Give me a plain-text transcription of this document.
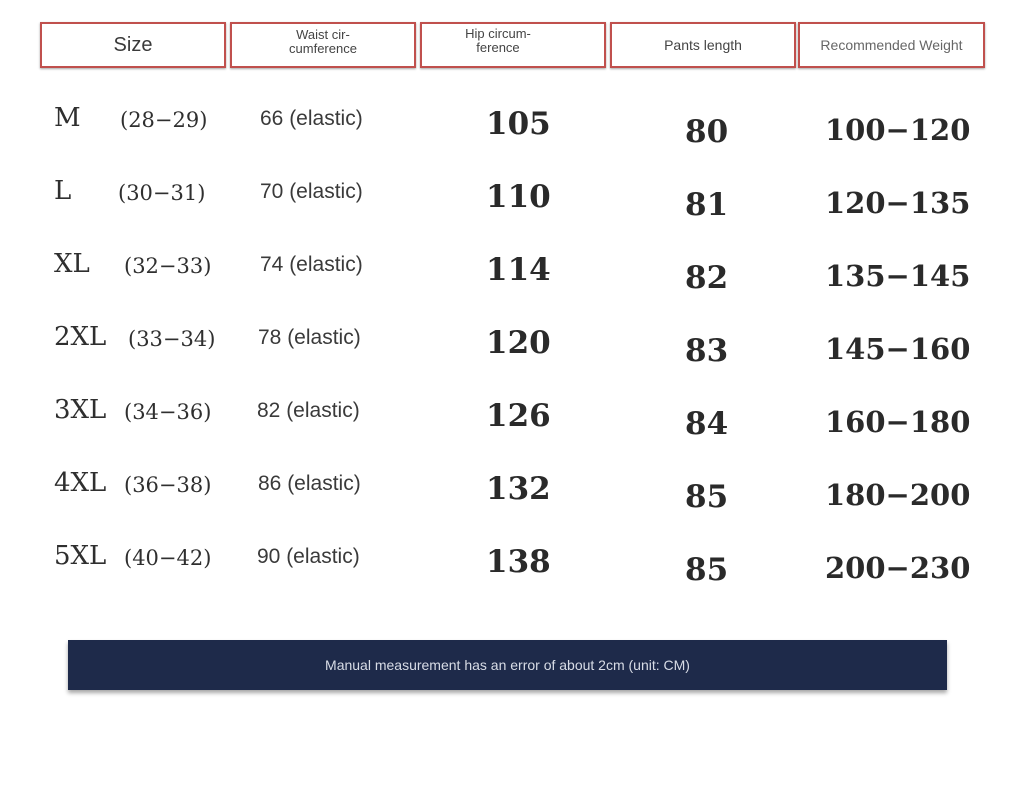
Size	Waist cir-
cumference
Hip circum-
ference	Pants length	Recommended Weight
M (28−29)	66 (elastic)	105	80	100−120
L (30−31)	70 (elastic)	110	81	120−135
XL (32−33) 74 (elastic)	114	82	135−145
2XL (33−34) 78 (elastic)	120	83	145−160
3XL (34−36) 82 (elastic)	126	84	160−180
4XL (36−38) 86 (elastic)	132	85	180−200
5XL (40−42) 90 (elastic)	138	85	200−230
Manual measurement has an error of about 2cm (unit: CM)
